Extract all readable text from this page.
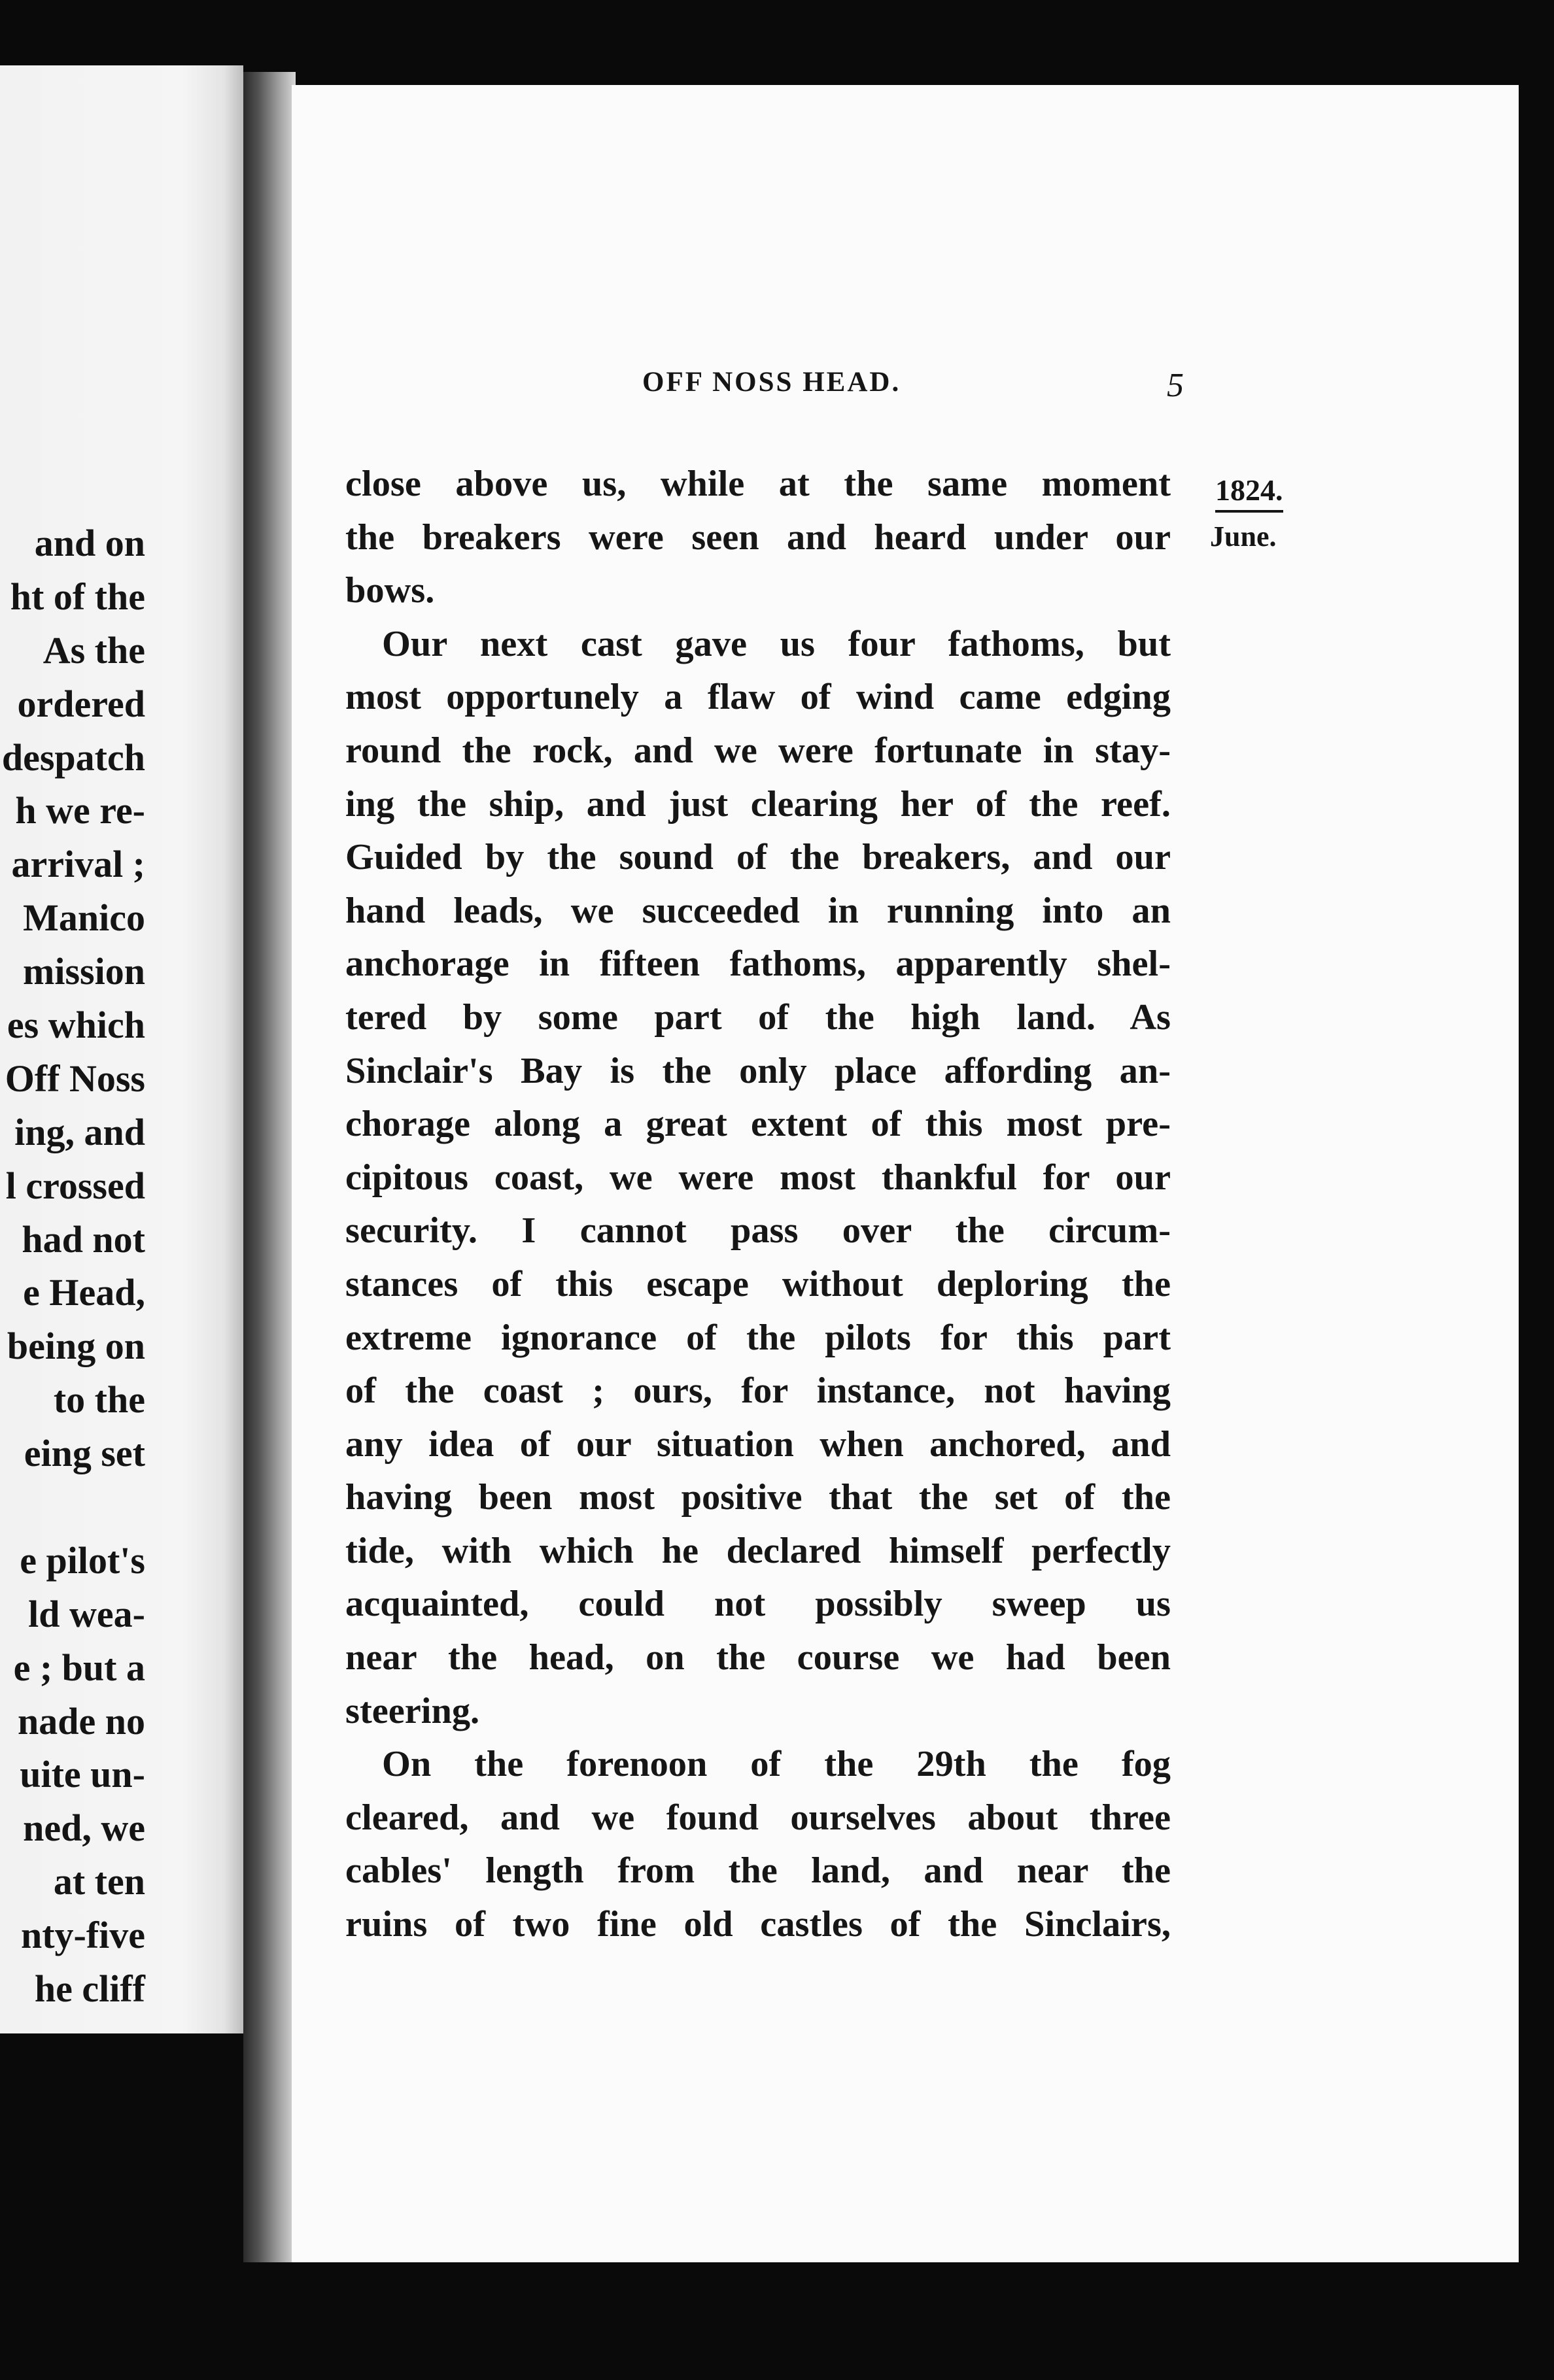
and on
ht of the
As the
ordered
despatch
h we re-
arrival ;
Manico
mission
es which
Off Noss
ing, and
l crossed
had not
e Head,
being on
to the
eing set
e pilot's
ld wea-
e ; but a
nade no
uite un-
ned, we
at ten
nty-five
he cliff
OFF NOSS HEAD.	5
1824.
June.
close above us, while at the same moment
the breakers were seen and heard under our
bows.
Our next cast gave us four fathoms, but
most opportunely a flaw of wind came edging
round the rock, and we were fortunate in stay-
ing the ship, and just clearing her of the reef.
Guided by the sound of the breakers, and our
hand leads, we succeeded in running into an
anchorage in fifteen fathoms, apparently shel-
tered by some part of the high land. As
Sinclair's Bay is the only place affording an-
chorage along a great extent of this most pre-
cipitous coast, we were most thankful for our
security. I cannot pass over the circum-
stances of this escape without deploring the
extreme ignorance of the pilots for this part
of the coast ; ours, for instance, not having
any idea of our situation when anchored, and
having been most positive that the set of the
tide, with which he declared himself perfectly
acquainted, could not possibly sweep us
near the head, on the course we had been
steering.
On the forenoon of the 29th the fog
cleared, and we found ourselves about three
cables' length from the land, and near the
ruins of two fine old castles of the Sinclairs,
